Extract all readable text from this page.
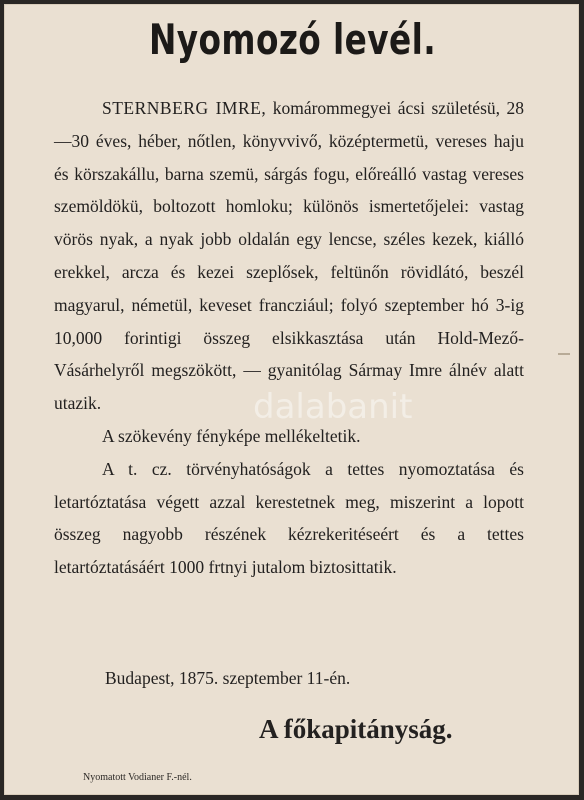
Nyomozó levél.

STERNBERG IMRE, komárommegyei ácsi születésü, 28—30 éves, héber, nőtlen, könyvvivő, középtermetü, vereses haju és körszakállu, barna szemü, sárgás fogu, előreálló vastag vereses szemöldökü, boltozott homloku; különös ismertetőjelei: vastag vörös nyak, a nyak jobb oldalán egy lencse, széles kezek, kiálló erekkel, arcza és kezei szeplősek, feltünőn rövidlátó, beszél magyarul, németül, keveset francziául; folyó szeptember hó 3-ig 10,000 forintigi összeg elsikkasztása után Hold-Mező-Vásárhelyről megszökött, — gyanitólag Sármay Imre álnév alatt utazik.

A szökevény fényképe mellékeltetik.

A t. cz. törvényhatóságok a tettes nyomoztatása és letartóztatása végett azzal kerestetnek meg, miszerint a lopott összeg nagyobb részének kézrekeritéseért és a tettes letartóztatásáért 1000 frtnyi jutalom biztosittatik.

dalabanit
Budapest, 1875. szeptember 11-én.
A főkapitányság.
Nyomatott Vodianer F.-nél.
